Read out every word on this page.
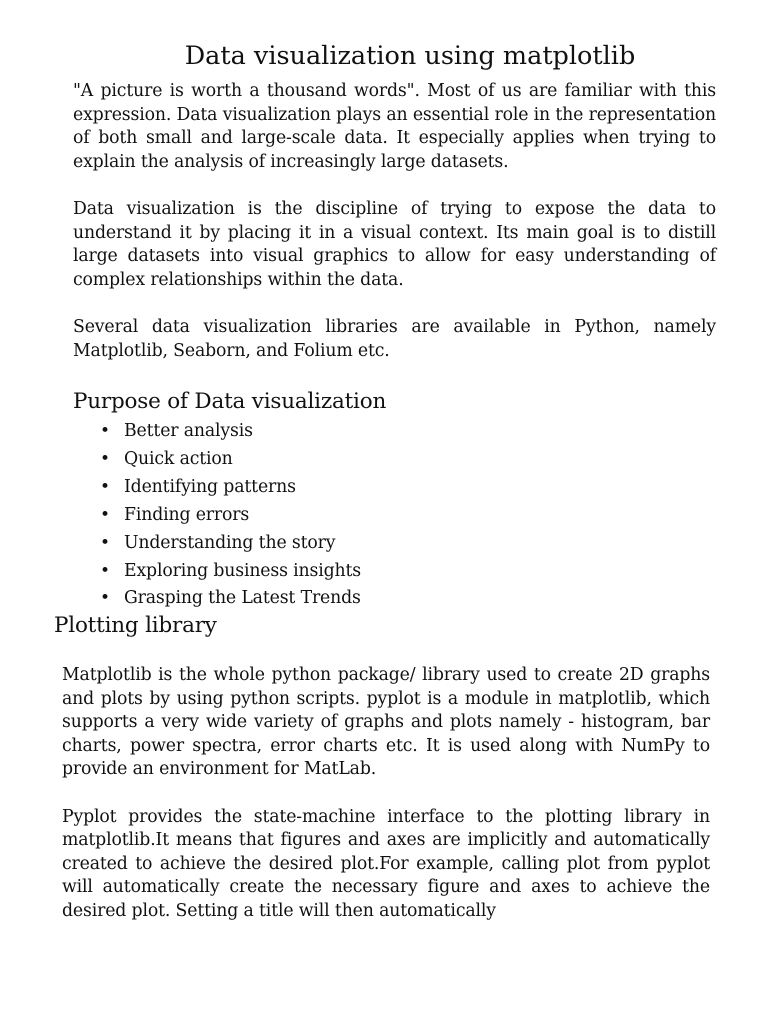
Data visualization using matplotlib

"A picture is worth a thousand words". Most of us are familiar with this expression. Data visualization plays an essential role in the representation of both small and large-scale data. It especially applies when trying to explain the analysis of increasingly large datasets.

Data visualization is the discipline of trying to expose the data to understand it by placing it in a visual context. Its main goal is to distill large datasets into visual graphics to allow for easy understanding of complex relationships within the data.

Several data visualization libraries are available in Python, namely Matplotlib, Seaborn, and Folium etc.

Purpose of Data visualization
• Better analysis
• Quick action
• Identifying patterns
• Finding errors
• Understanding the story
• Exploring business insights
• Grasping the Latest Trends
Plotting library

Matplotlib is the whole python package/ library used to create 2D graphs and plots by using python scripts. pyplot is a module in matplotlib, which supports a very wide variety of graphs and plots namely - histogram, bar charts, power spectra, error charts etc. It is used along with NumPy to provide an environment for MatLab.

Pyplot provides the state-machine interface to the plotting library in matplotlib.It means that figures and axes are implicitly and automatically created to achieve the desired plot.For example, calling plot from pyplot will automatically create the necessary figure and axes to achieve the desired plot. Setting a title will then automatically
